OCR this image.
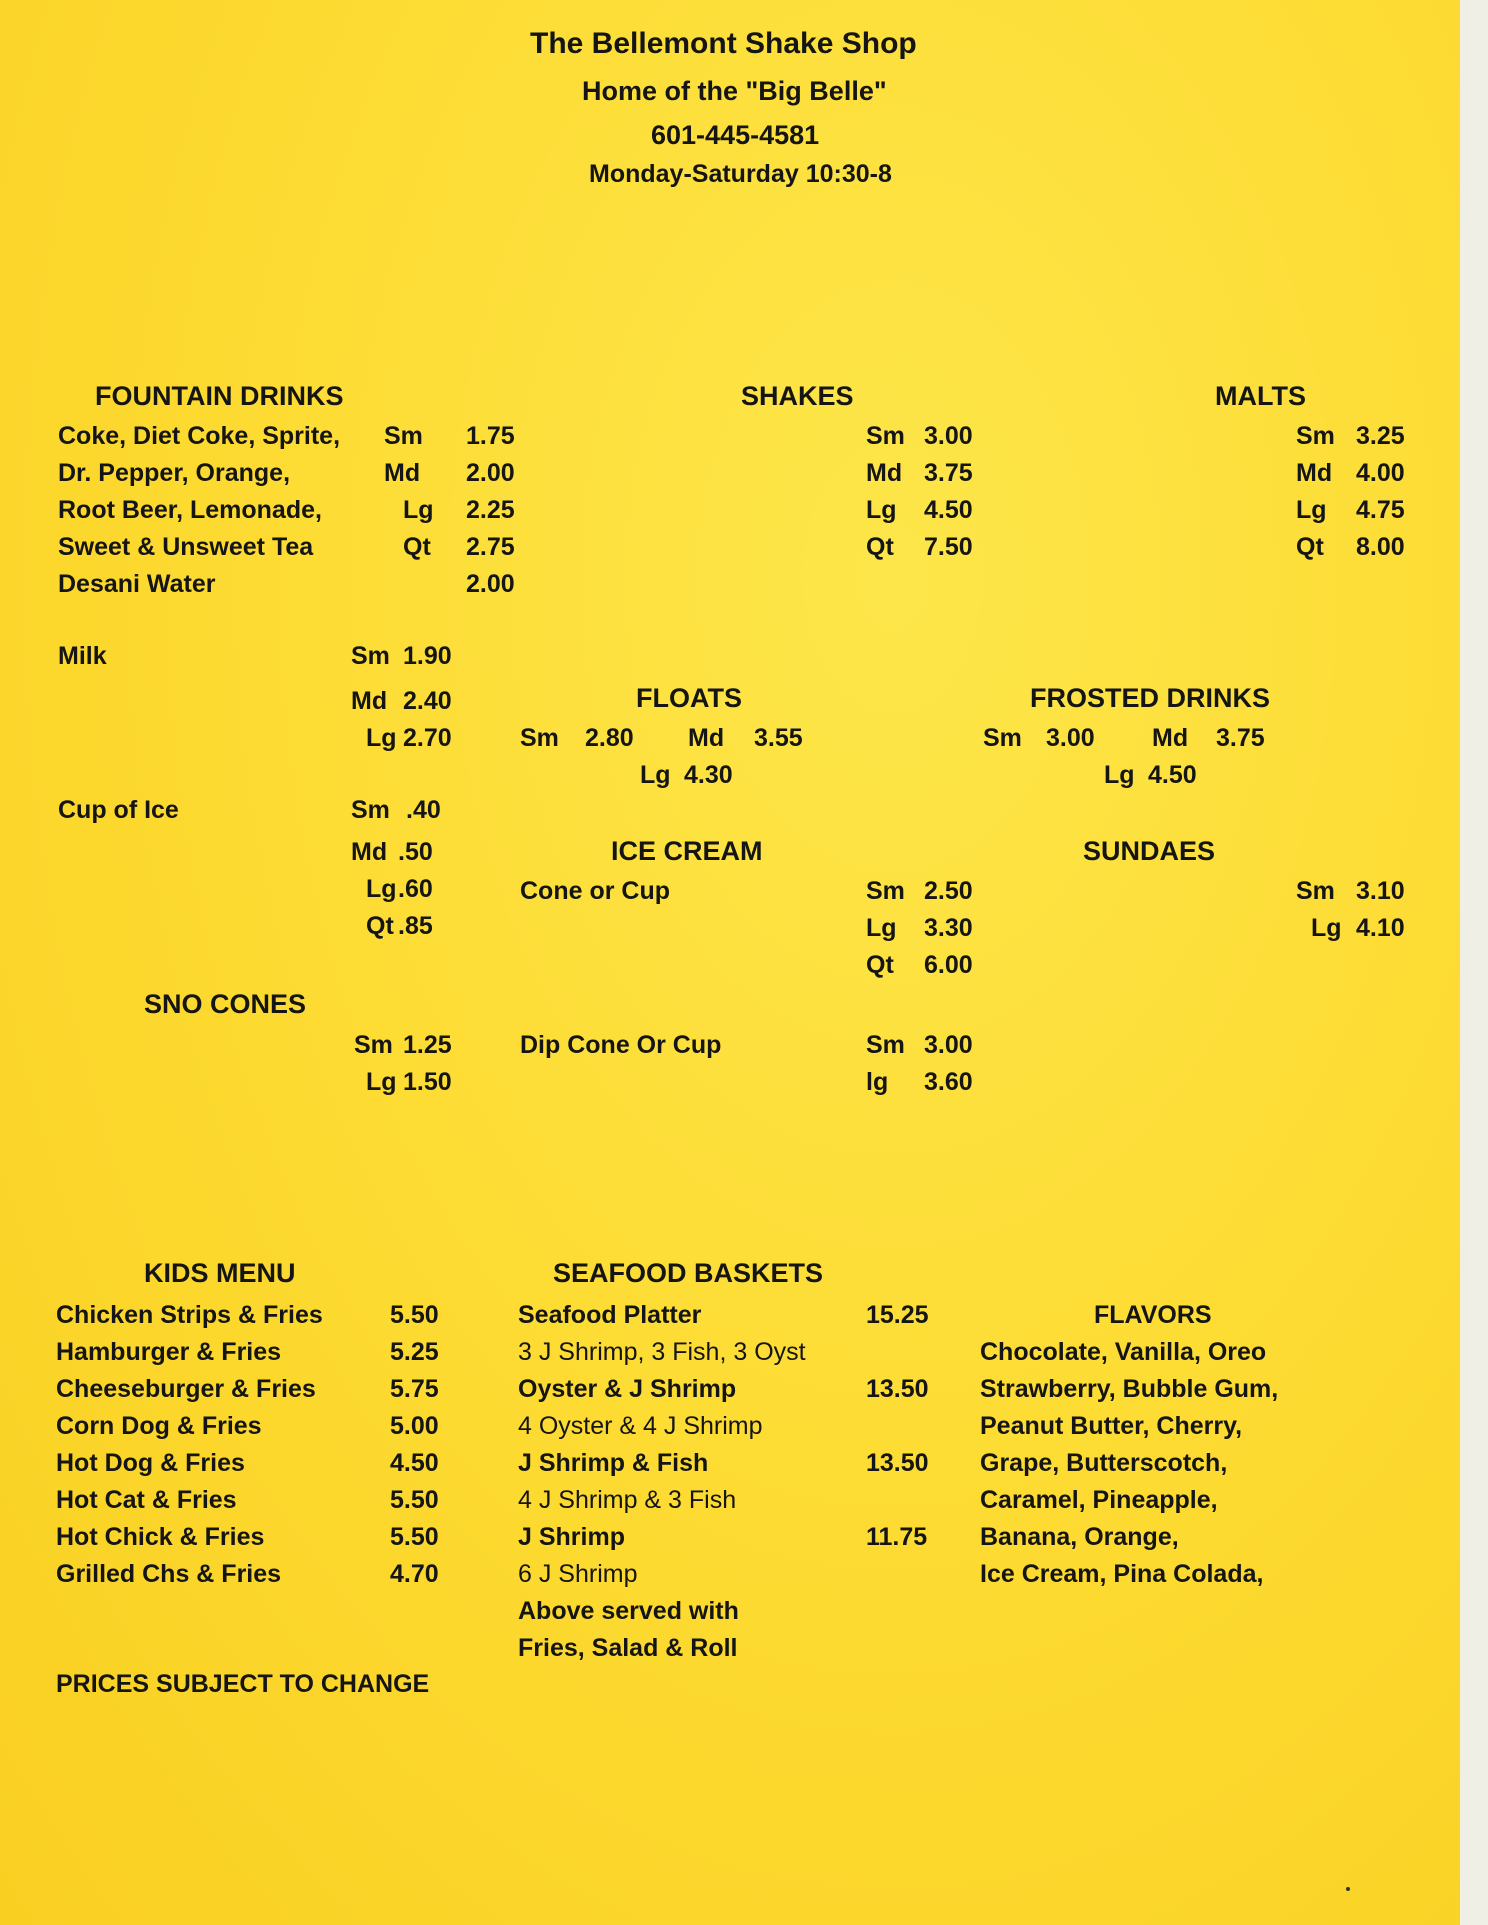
The Bellemont Shake Shop
Home of the "Big Belle"
601-445-4581
Monday-Saturday 10:30-8
FOUNTAIN DRINKS
Coke, Diet Coke, Sprite, Sm 1.75
Dr. Pepper, Orange,	Md 2.00
Root Beer, Lemonade,	Lg 2.25
Sweet & Unsweet Tea	Qt 2.75
Desani Water	2.00
Milk	Sm 1.90
Md 2.40
Lg 2.70
Cup of Ice	Sm .40
Md .50
Lg .60
Qt .85
SNO CONES
Sm 1.25
Lg 1.50
SHAKES
Sm 3.00
Md 3.75
Lg 4.50
Qt 7.50
MALTS
Sm 3.25
Md 4.00
Lg 4.75
Qt 8.00
FLOATS
Sm 2.80 Md 3.55
Lg 4.30
FROSTED DRINKS
Sm 3.00 Md 3.75
Lg 4.50
ICE CREAM
Cone or Cup	Sm 2.50
Lg 3.30
Qt 6.00
Dip Cone Or Cup	Sm 3.00
lg 3.60
SUNDAES
Sm 3.10
Lg 4.10
KIDS MENU
Chicken Strips & Fries	5.50
Hamburger & Fries	5.25
Cheeseburger & Fries	5.75
Corn Dog & Fries	5.00
Hot Dog & Fries	4.50
Hot Cat & Fries	5.50
Hot Chick & Fries	5.50
Grilled Chs & Fries	4.70
SEAFOOD BASKETS
Seafood Platter	15.25
3 J Shrimp, 3 Fish, 3 Oyst
Oyster & J Shrimp	13.50
4 Oyster & 4 J Shrimp
J Shrimp & Fish	13.50
4 J Shrimp & 3 Fish
J Shrimp	11.75
6 J Shrimp
Above served with
Fries, Salad & Roll
FLAVORS
Chocolate, Vanilla, Oreo
Strawberry, Bubble Gum,
Peanut Butter, Cherry,
Grape, Butterscotch,
Caramel, Pineapple,
Banana, Orange,
Ice Cream, Pina Colada,
PRICES SUBJECT TO CHANGE
